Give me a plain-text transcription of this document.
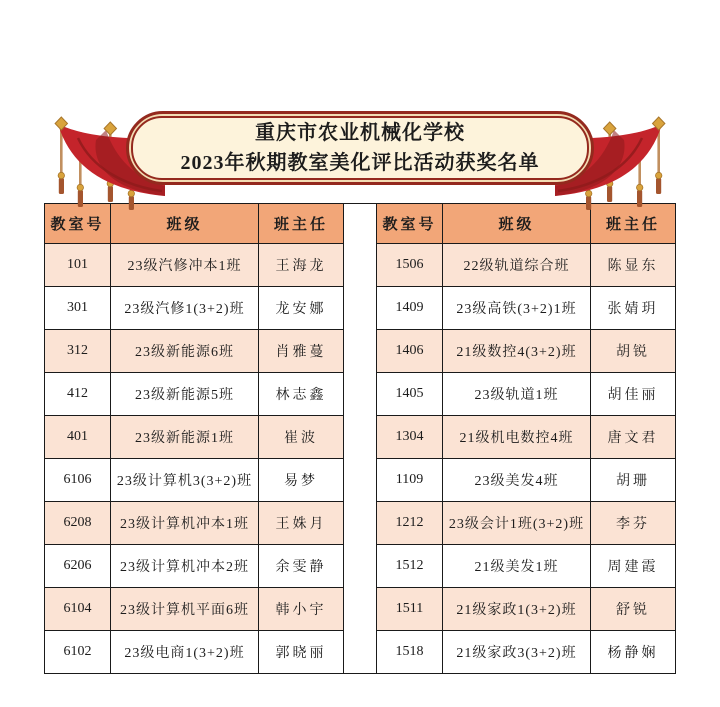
重庆市农业机械化学校
2023年秋期教室美化评比活动获奖名单
教室号	班级	班主任
101	23级汽修冲本1班	王海龙
301	23级汽修1(3+2)班	龙安娜
312	23级新能源6班	肖雅蔓
412	23级新能源5班	林志鑫
401	23级新能源1班	崔波
6106	23级计算机3(3+2)班	易梦
6208	23级计算机冲本1班	王姝月
6206	23级计算机冲本2班	余雯静
6104	23级计算机平面6班	韩小宇
6102	23级电商1(3+2)班	郭晓丽
教室号	班级	班主任
1506	22级轨道综合班	陈显东
1409	23级高铁(3+2)1班	张婧玥
1406	21级数控4(3+2)班	胡锐
1405	23级轨道1班	胡佳丽
1304	21级机电数控4班	唐文君
1109	23级美发4班	胡珊
1212	23级会计1班(3+2)班	李芬
1512	21级美发1班	周建霞
1511	21级家政1(3+2)班	舒锐
1518	21级家政3(3+2)班	杨静娴
